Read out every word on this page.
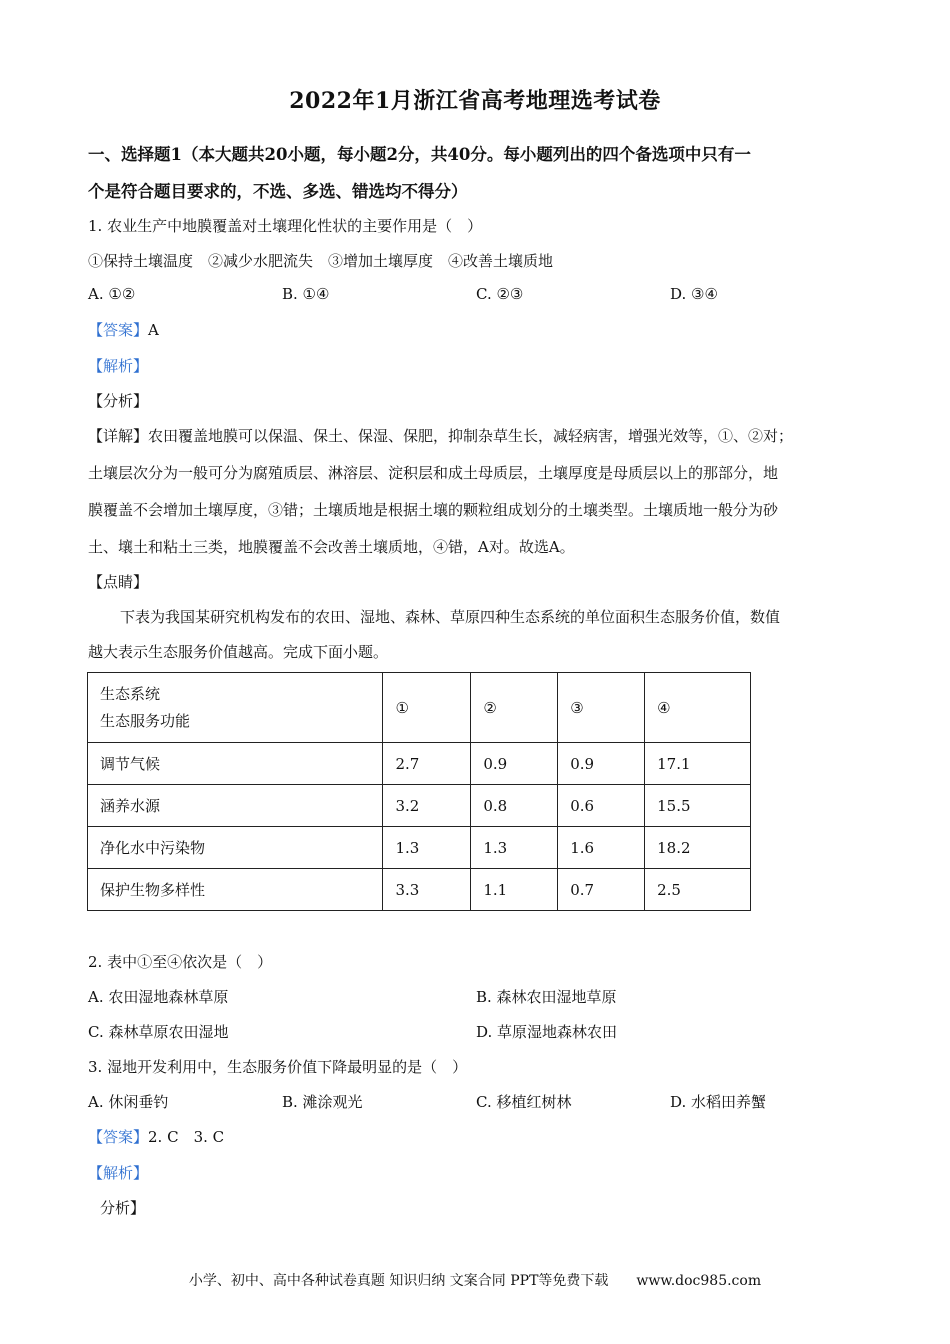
2022年1月浙江省高考地理选考试卷
一、选择题1（本大题共20小题，每小题2分，共40分。每小题列出的四个备选项中只有一
个是符合题目要求的，不选、多选、错选均不得分）
1. 农业生产中地膜覆盖对土壤理化性状的主要作用是（　）
①保持土壤温度　②减少水肥流失　③增加土壤厚度　④改善土壤质地
A. ①②	B. ①④	C. ②③	D. ③④
【答案】A
【解析】
【分析】
【详解】农田覆盖地膜可以保温、保土、保湿、保肥，抑制杂草生长，减轻病害，增强光效等，①、②对；
土壤层次分为一般可分为腐殖质层、淋溶层、淀积层和成土母质层，土壤厚度是母质层以上的那部分，地
膜覆盖不会增加土壤厚度，③错；土壤质地是根据土壤的颗粒组成划分的土壤类型。土壤质地一般分为砂
土、壤土和粘土三类，地膜覆盖不会改善土壤质地，④错，A对。故选A。
【点睛】
下表为我国某研究机构发布的农田、湿地、森林、草原四种生态系统的单位面积生态服务价值，数值
越大表示生态服务价值越高。完成下面小题。
生态系统
生态服务功能	①	②	③	④
调节气候	2.7	0.9	0.9	17.1
涵养水源	3.2	0.8	0.6	15.5
净化水中污染物	1.3	1.3	1.6	18.2
保护生物多样性	3.3	1.1	0.7	2.5
2. 表中①至④依次是（　）
A. 农田湿地森林草原	B. 森林农田湿地草原
C. 森林草原农田湿地	D. 草原湿地森林农田
3. 湿地开发利用中，生态服务价值下降最明显的是（　）
A. 休闲垂钓	B. 滩涂观光	C. 移植红树林	D. 水稻田养蟹
【答案】2. C　3. C
【解析】
分析】
小学、初中、高中各种试卷真题 知识归纳 文案合同 PPT等免费下载　　www.doc985.com
